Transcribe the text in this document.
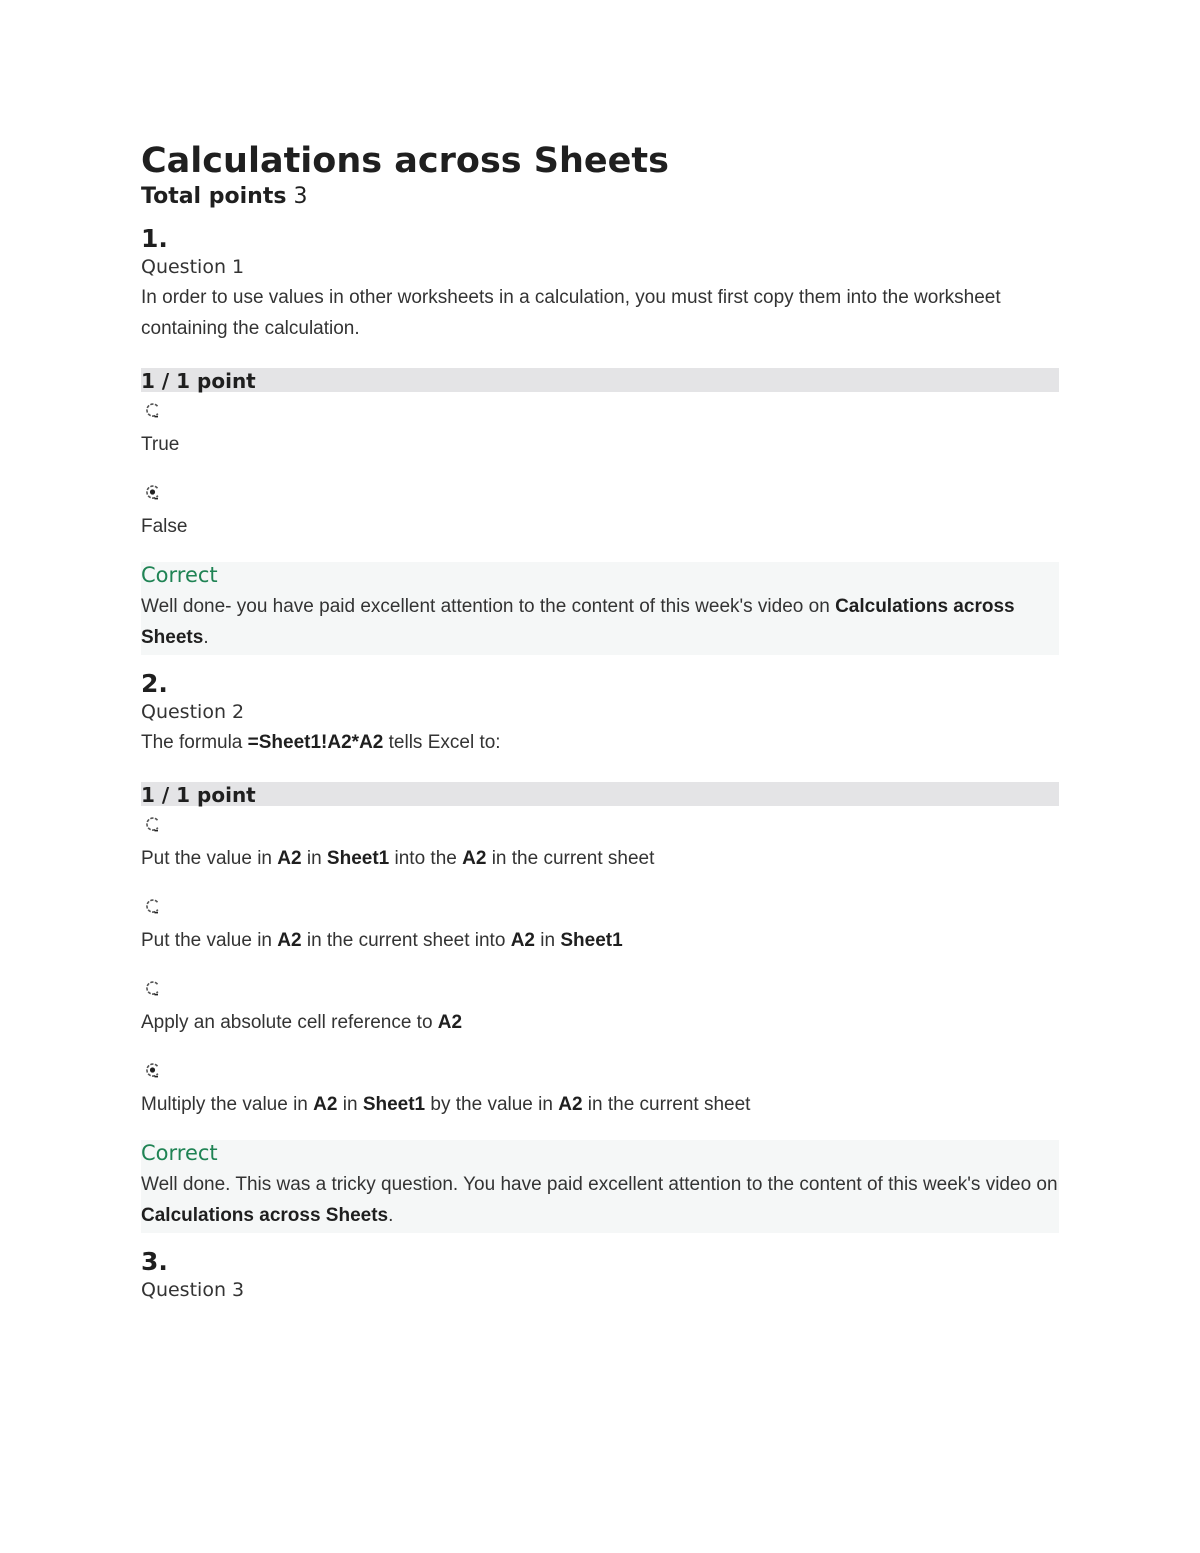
Calculations across Sheets
Total points 3
1.
Question 1
In order to use values in other worksheets in a calculation, you must first copy them into the worksheet containing the calculation.
1 / 1 point
True
False
Correct
Well done- you have paid excellent attention to the content of this week's video on Calculations across Sheets.
2.
Question 2
The formula =Sheet1!A2*A2 tells Excel to:
1 / 1 point
Put the value in A2 in Sheet1 into the A2 in the current sheet
Put the value in A2 in the current sheet into A2 in Sheet1
Apply an absolute cell reference to A2
Multiply the value in A2 in Sheet1 by the value in A2 in the current sheet
Correct
Well done. This was a tricky question. You have paid excellent attention to the content of this week's video on Calculations across Sheets.
3.
Question 3
